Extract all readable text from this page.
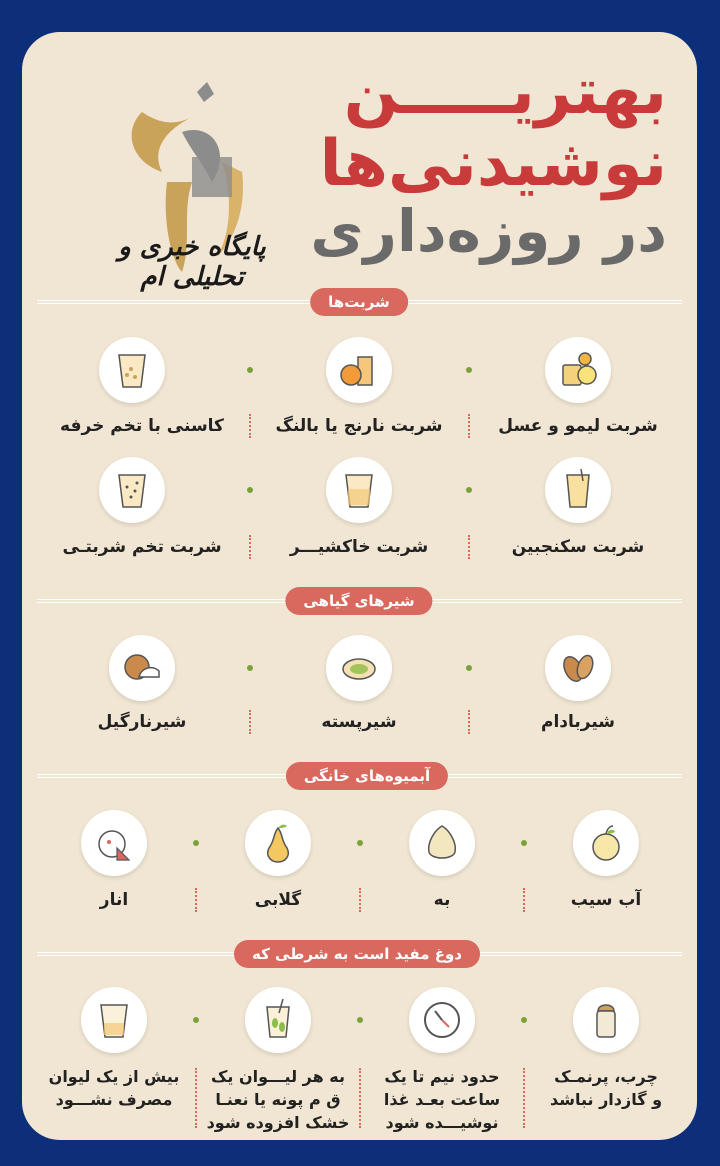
پایگاه خبری و تحلیلی ام
بهتریـــــن
نوشیدنی‌ها
در روزه‌داری
شربت‌ها
شربت لیمو و عسل
شربت نارنج یا بالنگ
کاسنی با تخم خرفه
شربت سکنجبین
شربت خاکشیـــر
شربت تخم شربتـی
شیرهای گیاهی
شیربادام
شیرپسته
شیرنارگیل
آبمیوه‌های خانگی
آب سیب
به
گلابی
انار
دوغ مفید است به شرطی که
چرب، پرنمـک
و گازدار نباشد
حدود نیم تا یک
ساعت بعـد غذا
نوشیـــده شود
به هر لیـــوان یک
ق م پونه یا نعنـا
خشک افزوده شود
بیش از یک لیوان
مصرف نشـــود
